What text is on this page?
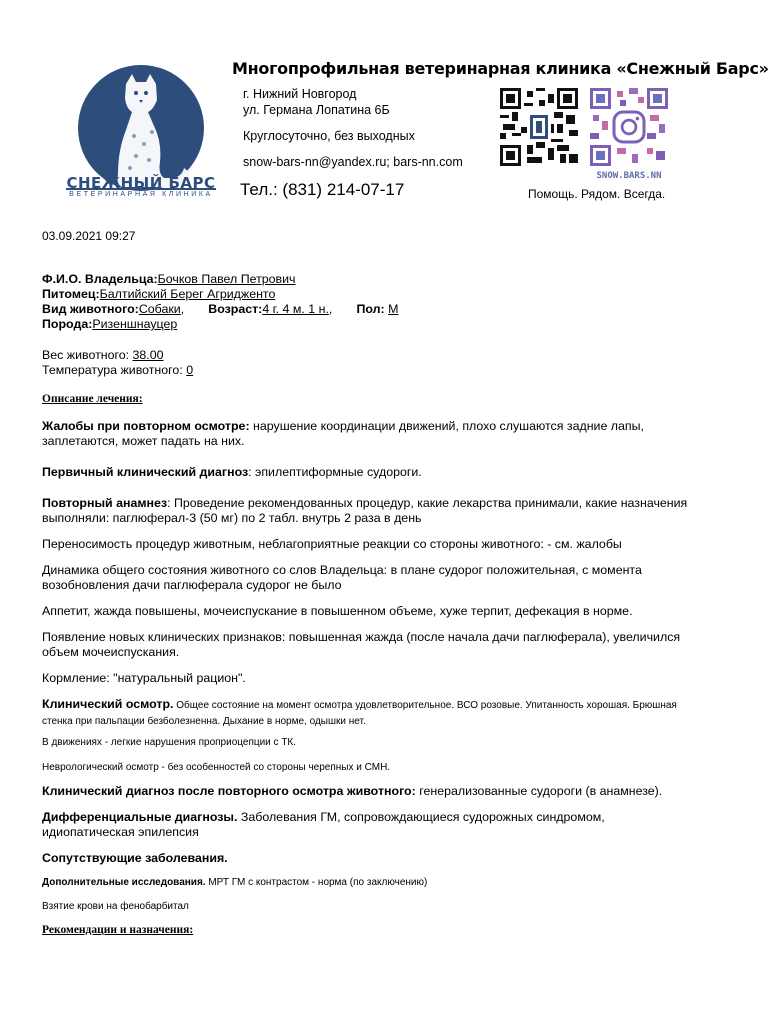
СНЕЖНЫЙ БАРС
ВЕТЕРИНАРНАЯ КЛИНИКА
Многопрофильная ветеринарная клиника «Снежный Барс»
г. Нижний Новгород
ул. Германа Лопатина 6Б
Круглосуточно, без выходных
snow-bars-nn@yandex.ru; bars-nn.com
Тел.: (831) 214-07-17
SNOW.BARS.NN
Помощь. Рядом. Всегда.
03.09.2021 09:27

Ф.И.О. Владельца:Бочков Павел Петрович

Питомец:Балтийский Берег Агридженто

Вид животного:Собаки,       Возраст:4 г. 4 м. 1 н.,       Пол: М

Порода:Ризеншнауцер

Вес животного: 38.00

Температура животного: 0

Описание лечения:

Жалобы при повторном осмотре: нарушение координации движений, плохо слушаются задние лапы, заплетаются, может падать на них.

Первичный клинический диагноз: эпилептиформные судороги.

Повторный анамнез: Проведение рекомендованных процедур, какие лекарства принимали, какие назначения выполняли: паглюферал-3 (50 мг) по 2 табл. внутрь 2 раза в день

Переносимость процедур животным, неблагоприятные реакции со стороны животного: - см. жалобы

Динамика общего состояния животного со слов Владельца: в плане судорог положительная, с момента возобновления дачи паглюферала судорог не было

Аппетит, жажда повышены, мочеиспускание в повышенном объеме, хуже терпит, дефекация в норме.

Появление новых клинических признаков: повышенная жажда (после начала дачи паглюферала), увеличился объем мочеиспускания.

Кормление: "натуральный рацион".

Клинический осмотр. Общее состояние на момент осмотра удовлетворительное. ВСО розовые. Упитанность хорошая. Брюшная стенка при пальпации безболезненна. Дыхание в норме, одышки нет.

В движениях - легкие нарушения проприоцепции с ТК.

Неврологический осмотр - без особенностей со стороны черепных и СМН.

Клинический диагноз после повторного осмотра животного: генерализованные судороги (в анамнезе).

Дифференциальные диагнозы. Заболевания ГМ, сопровождающиеся судорожных синдромом, идиопатическая эпилепсия

Сопутствующие заболевания.

Дополнительные исследования. МРТ ГМ с контрастом - норма (по заключению)

Взятие крови на фенобарбитал

Рекомендации и назначения:
